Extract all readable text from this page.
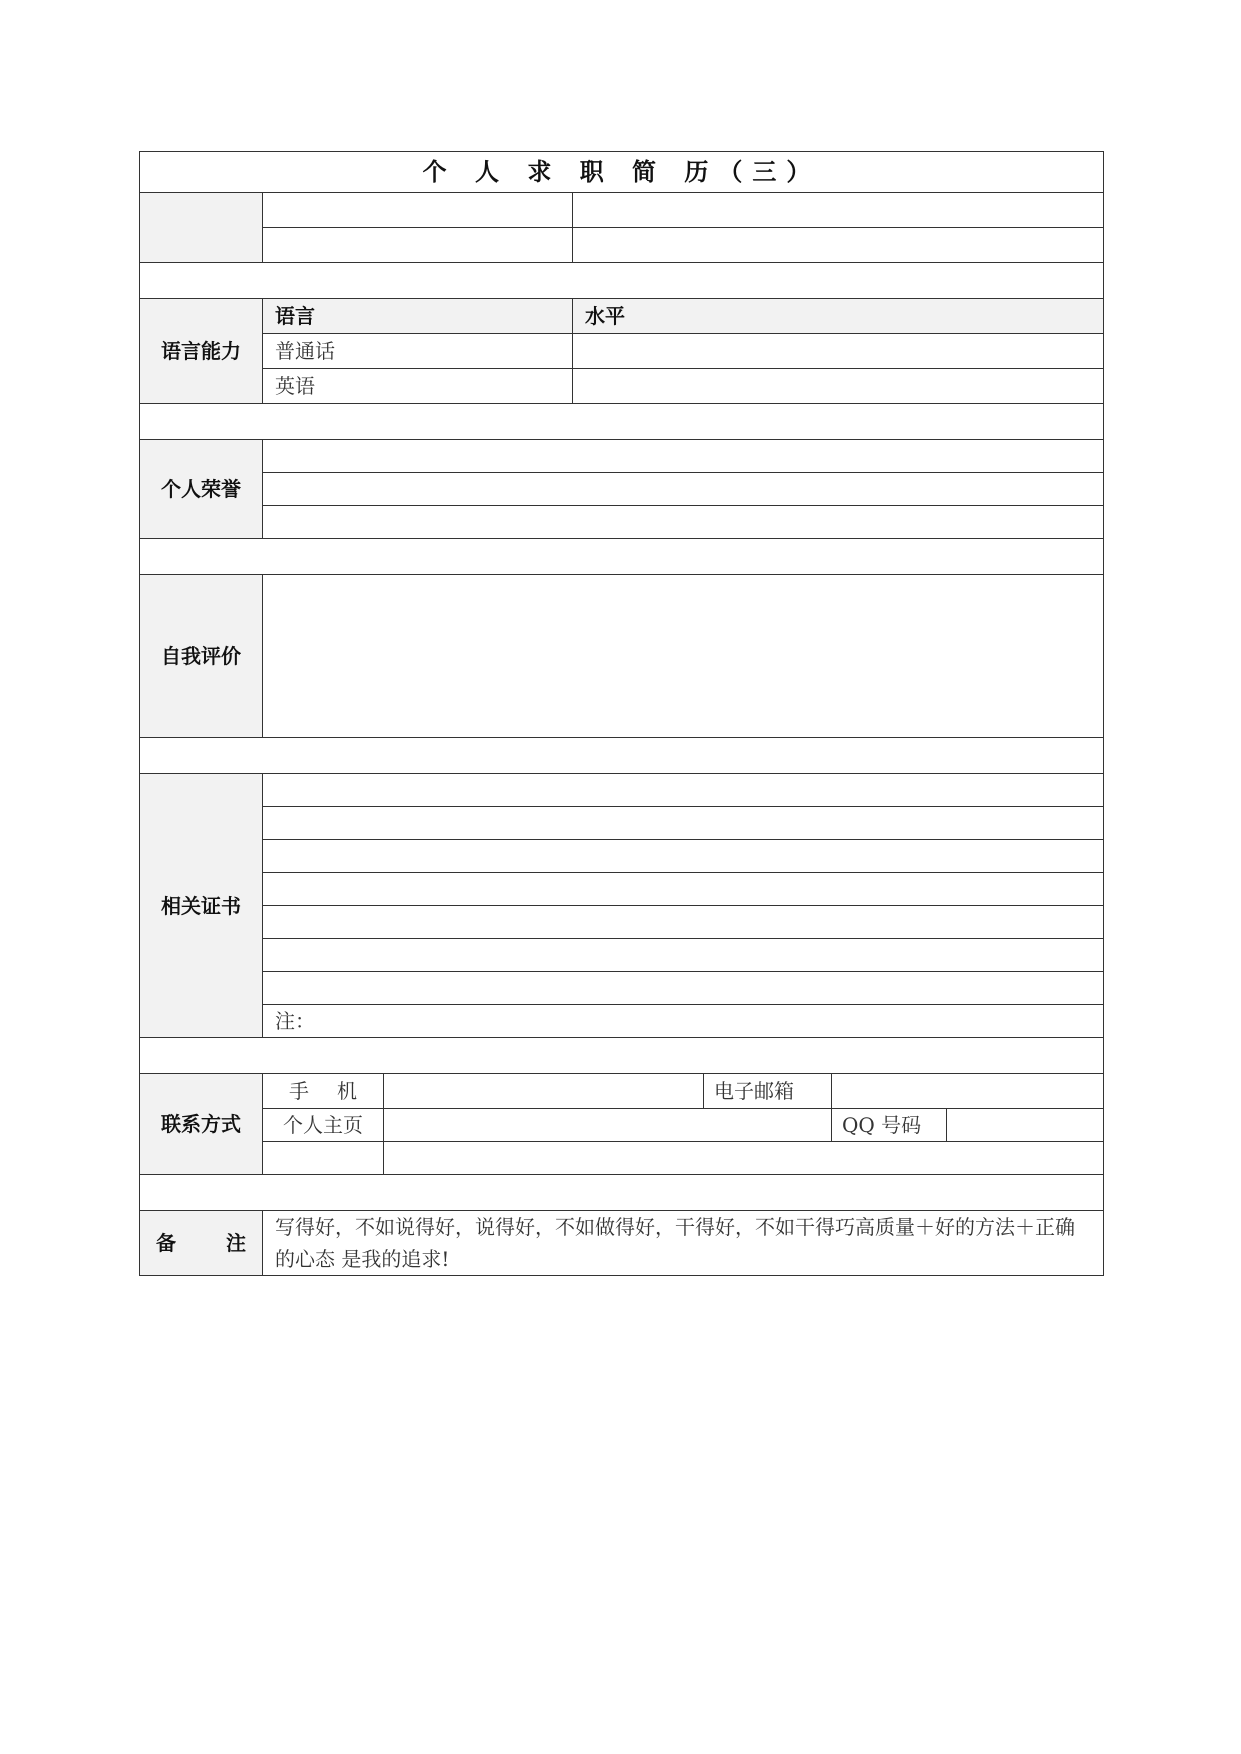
个 人 求 职 简 历（三）					

语言能力	语言		水平		
	普通话				
	英语				

个人荣誉					

自我评价					

相关证书					

	注：				

联系方式	手 机			电子邮箱	
	个人主页				QQ 号码

备 注	写得好，不如说得好，说得好，不如做得好，干得好，不如干得巧高质量＋好的方法＋正确的心态 是我的追求!				
